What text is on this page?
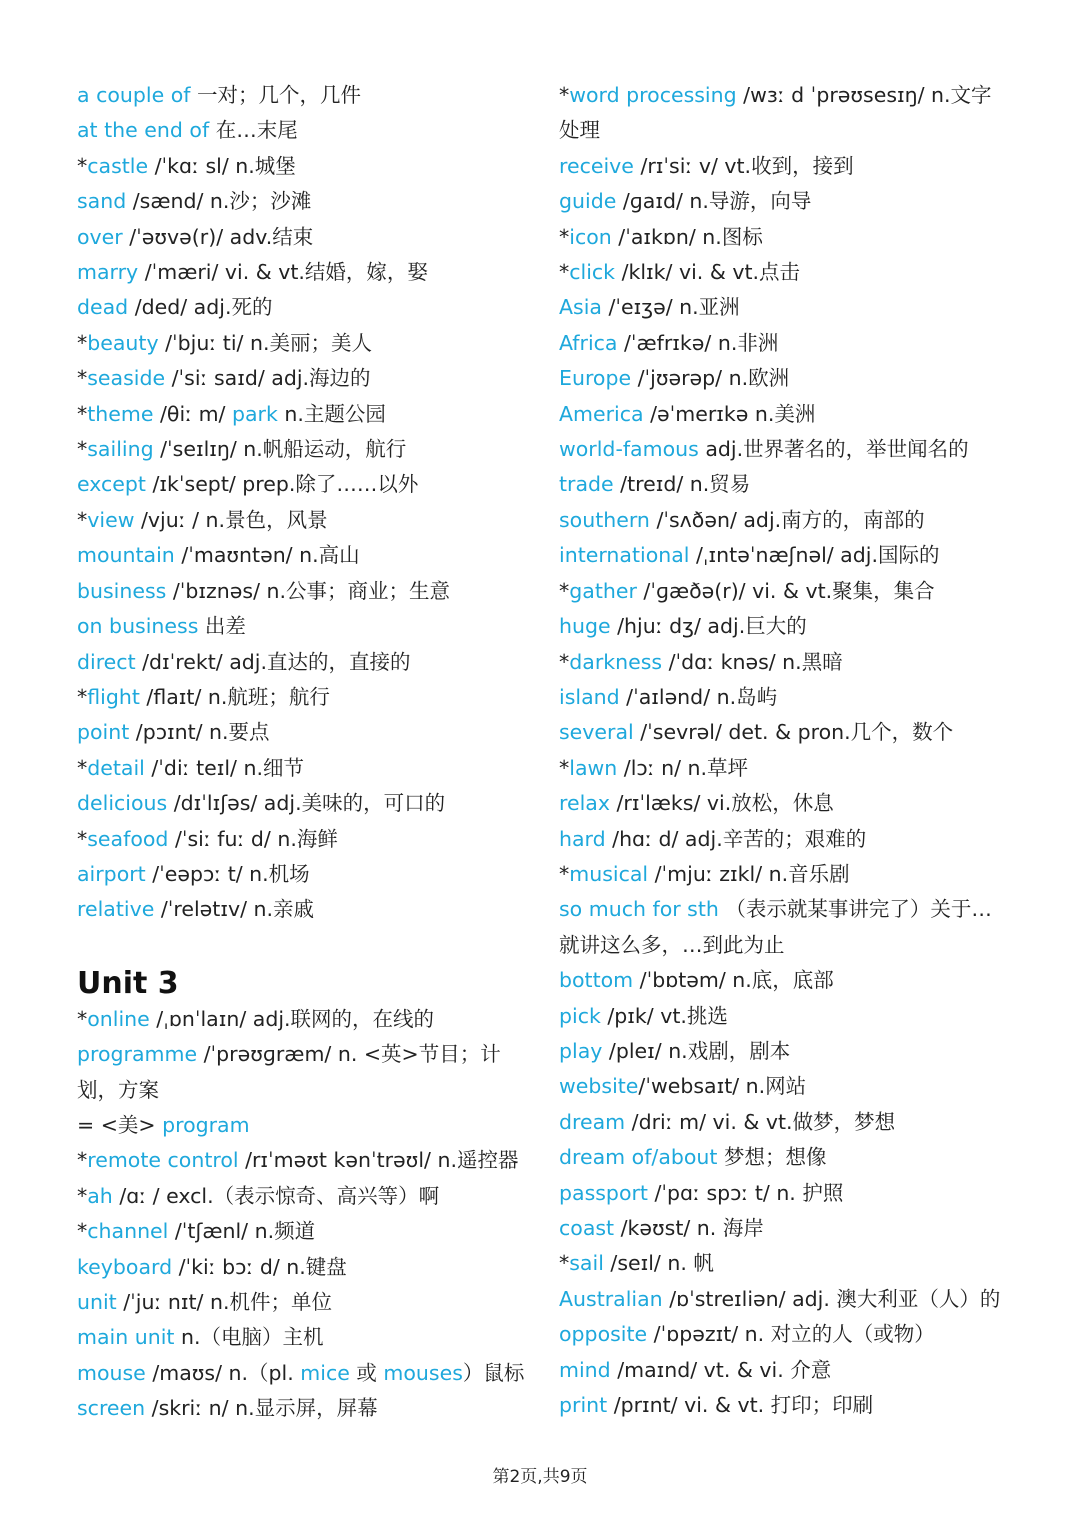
a couple of 一对；几个，几件
at the end of 在…末尾
*castle /ˈkɑː sl/ n.城堡
sand /sænd/ n.沙；沙滩
over /ˈəʊvə(r)/ adv.结束
marry /ˈmæri/ vi. & vt.结婚，嫁，娶
dead /ded/ adj.死的
*beauty /ˈbjuː ti/ n.美丽；美人
*seaside /ˈsiː saɪd/ adj.海边的
*theme /θiː m/ park n.主题公园
*sailing /ˈseɪlɪŋ/ n.帆船运动，航行
except /ɪkˈsept/ prep.除了……以外
*view /vjuː / n.景色，风景
mountain /ˈmaʊntən/ n.高山
business /ˈbɪznəs/ n.公事；商业；生意
on business 出差
direct /dɪˈrekt/ adj.直达的，直接的
*flight /flaɪt/ n.航班；航行
point /pɔɪnt/ n.要点
*detail /ˈdiː teɪl/ n.细节
delicious /dɪˈlɪʃəs/ adj.美味的，可口的
*seafood /ˈsiː fuː d/ n.海鲜
airport /ˈeəpɔː t/ n.机场
relative /ˈrelətɪv/ n.亲戚
Unit 3
*online /ˌɒnˈlaɪn/ adj.联网的，在线的
programme /ˈprəʊɡræm/ n. <英>节目；计划，方案
= <美> program
*remote control /rɪˈməʊt kənˈtrəʊl/ n.遥控器
*ah /ɑː / excl.（表示惊奇、高兴等）啊
*channel /ˈtʃænl/ n.频道
keyboard /ˈkiː bɔː d/ n.键盘
unit /ˈjuː nɪt/ n.机件；单位
main unit n.（电脑）主机
mouse /maʊs/ n.（pl. mice 或 mouses）鼠标
screen /skriː n/ n.显示屏，屏幕
*word processing /wɜː d ˈprəʊsesɪŋ/ n.文字处理
receive /rɪˈsiː v/ vt.收到，接到
guide /ɡaɪd/ n.导游，向导
*icon /ˈaɪkɒn/ n.图标
*click /klɪk/ vi. & vt.点击
Asia /ˈeɪʒə/ n.亚洲
Africa /ˈæfrɪkə/ n.非洲
Europe /ˈjʊərəp/ n.欧洲
America /əˈmerɪkə n.美洲
world-famous adj.世界著名的，举世闻名的
trade /treɪd/ n.贸易
southern /ˈsʌðən/ adj.南方的，南部的
international /ˌɪntəˈnæʃnəl/ adj.国际的
*gather /ˈɡæðə(r)/ vi. & vt.聚集，集合
huge /hjuː dʒ/ adj.巨大的
*darkness /ˈdɑː knəs/ n.黑暗
island /ˈaɪlənd/ n.岛屿
several /ˈsevrəl/ det. & pron.几个，数个
*lawn /lɔː n/ n.草坪
relax /rɪˈlæks/ vi.放松，休息
hard /hɑː d/ adj.辛苦的；艰难的
*musical /ˈmjuː zɪkl/ n.音乐剧
so much for sth （表示就某事讲完了）关于…就讲这么多，…到此为止
bottom /ˈbɒtəm/ n.底，底部
pick /pɪk/ vt.挑选
play /pleɪ/ n.戏剧，剧本
website/ˈwebsaɪt/ n.网站
dream /driː m/ vi. & vt.做梦，梦想
dream of/about 梦想；想像
passport /ˈpɑː spɔː t/ n. 护照
coast /kəʊst/ n. 海岸
*sail /seɪl/ n. 帆
Australian /ɒˈstreɪliən/ adj. 澳大利亚（人）的
opposite /ˈɒpəzɪt/ n. 对立的人（或物）
mind /maɪnd/ vt. & vi. 介意
print /prɪnt/ vi. & vt. 打印；印刷
第2页,共9页
